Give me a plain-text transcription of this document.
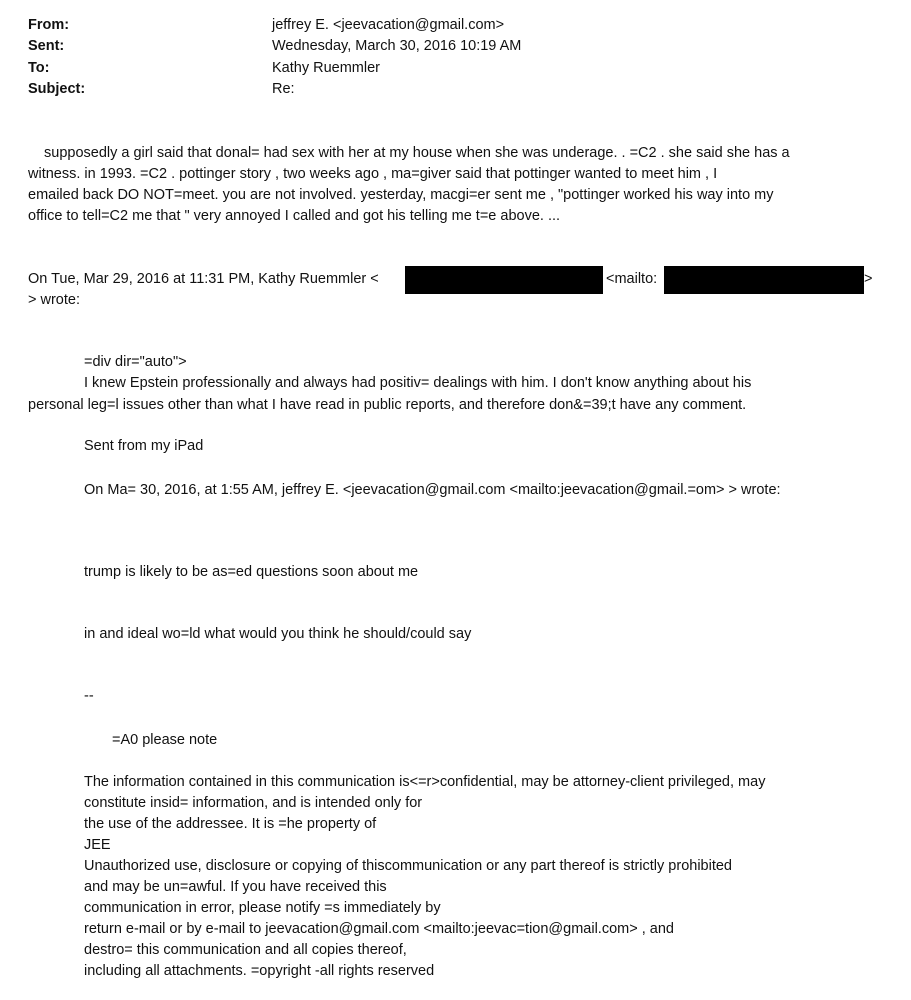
From:	jeffrey E. <jeevacation@gmail.com>
Sent:	Wednesday, March 30, 2016 10:19 AM
To:	Kathy Ruemmler
Subject:	Re:
supposedly a girl said that donal= had sex with her at my house when she was underage. . =C2 . she said she has a
witness. in 1993. =C2 . pottinger story , two weeks ago , ma=giver said that pottinger wanted to meet him , I
emailed back DO NOT=meet. you are not involved. yesterday, macgi=er sent me , "pottinger worked his way into my
office to tell=C2 me that " very annoyed I called and got his telling me t=e above. ...
On Tue, Mar 29, 2016 at 11:31 PM, Kathy Ruemmler <	<mailto:	>
> wrote:
=div dir="auto">
I knew Epstein professionally and always had positiv= dealings with him. I don't know anything about his
personal leg=l issues other than what I have read in public reports, and therefore don&=39;t have any comment.
Sent from my iPad
On Ma= 30, 2016, at 1:55 AM, jeffrey E. <jeevacation@gmail.com <mailto:jeevacation@gmail.=om> > wrote:
trump is likely to be as=ed questions soon about me
in and ideal wo=ld what would you think he should/could say
--
=A0 please note
The information contained in this communication is<=r>confidential, may be attorney-client privileged, may
constitute insid= information, and is intended only for
the use of the addressee. It is =he property of
JEE
Unauthorized use, disclosure or copying of thiscommunication or any part thereof is strictly prohibited
and may be un=awful. If you have received this
communication in error, please notify =s immediately by
return e-mail or by e-mail to jeevacation@gmail.com <mailto:jeevac=tion@gmail.com> , and
destro= this communication and all copies thereof,
including all attachments. =opyright -all rights reserved
